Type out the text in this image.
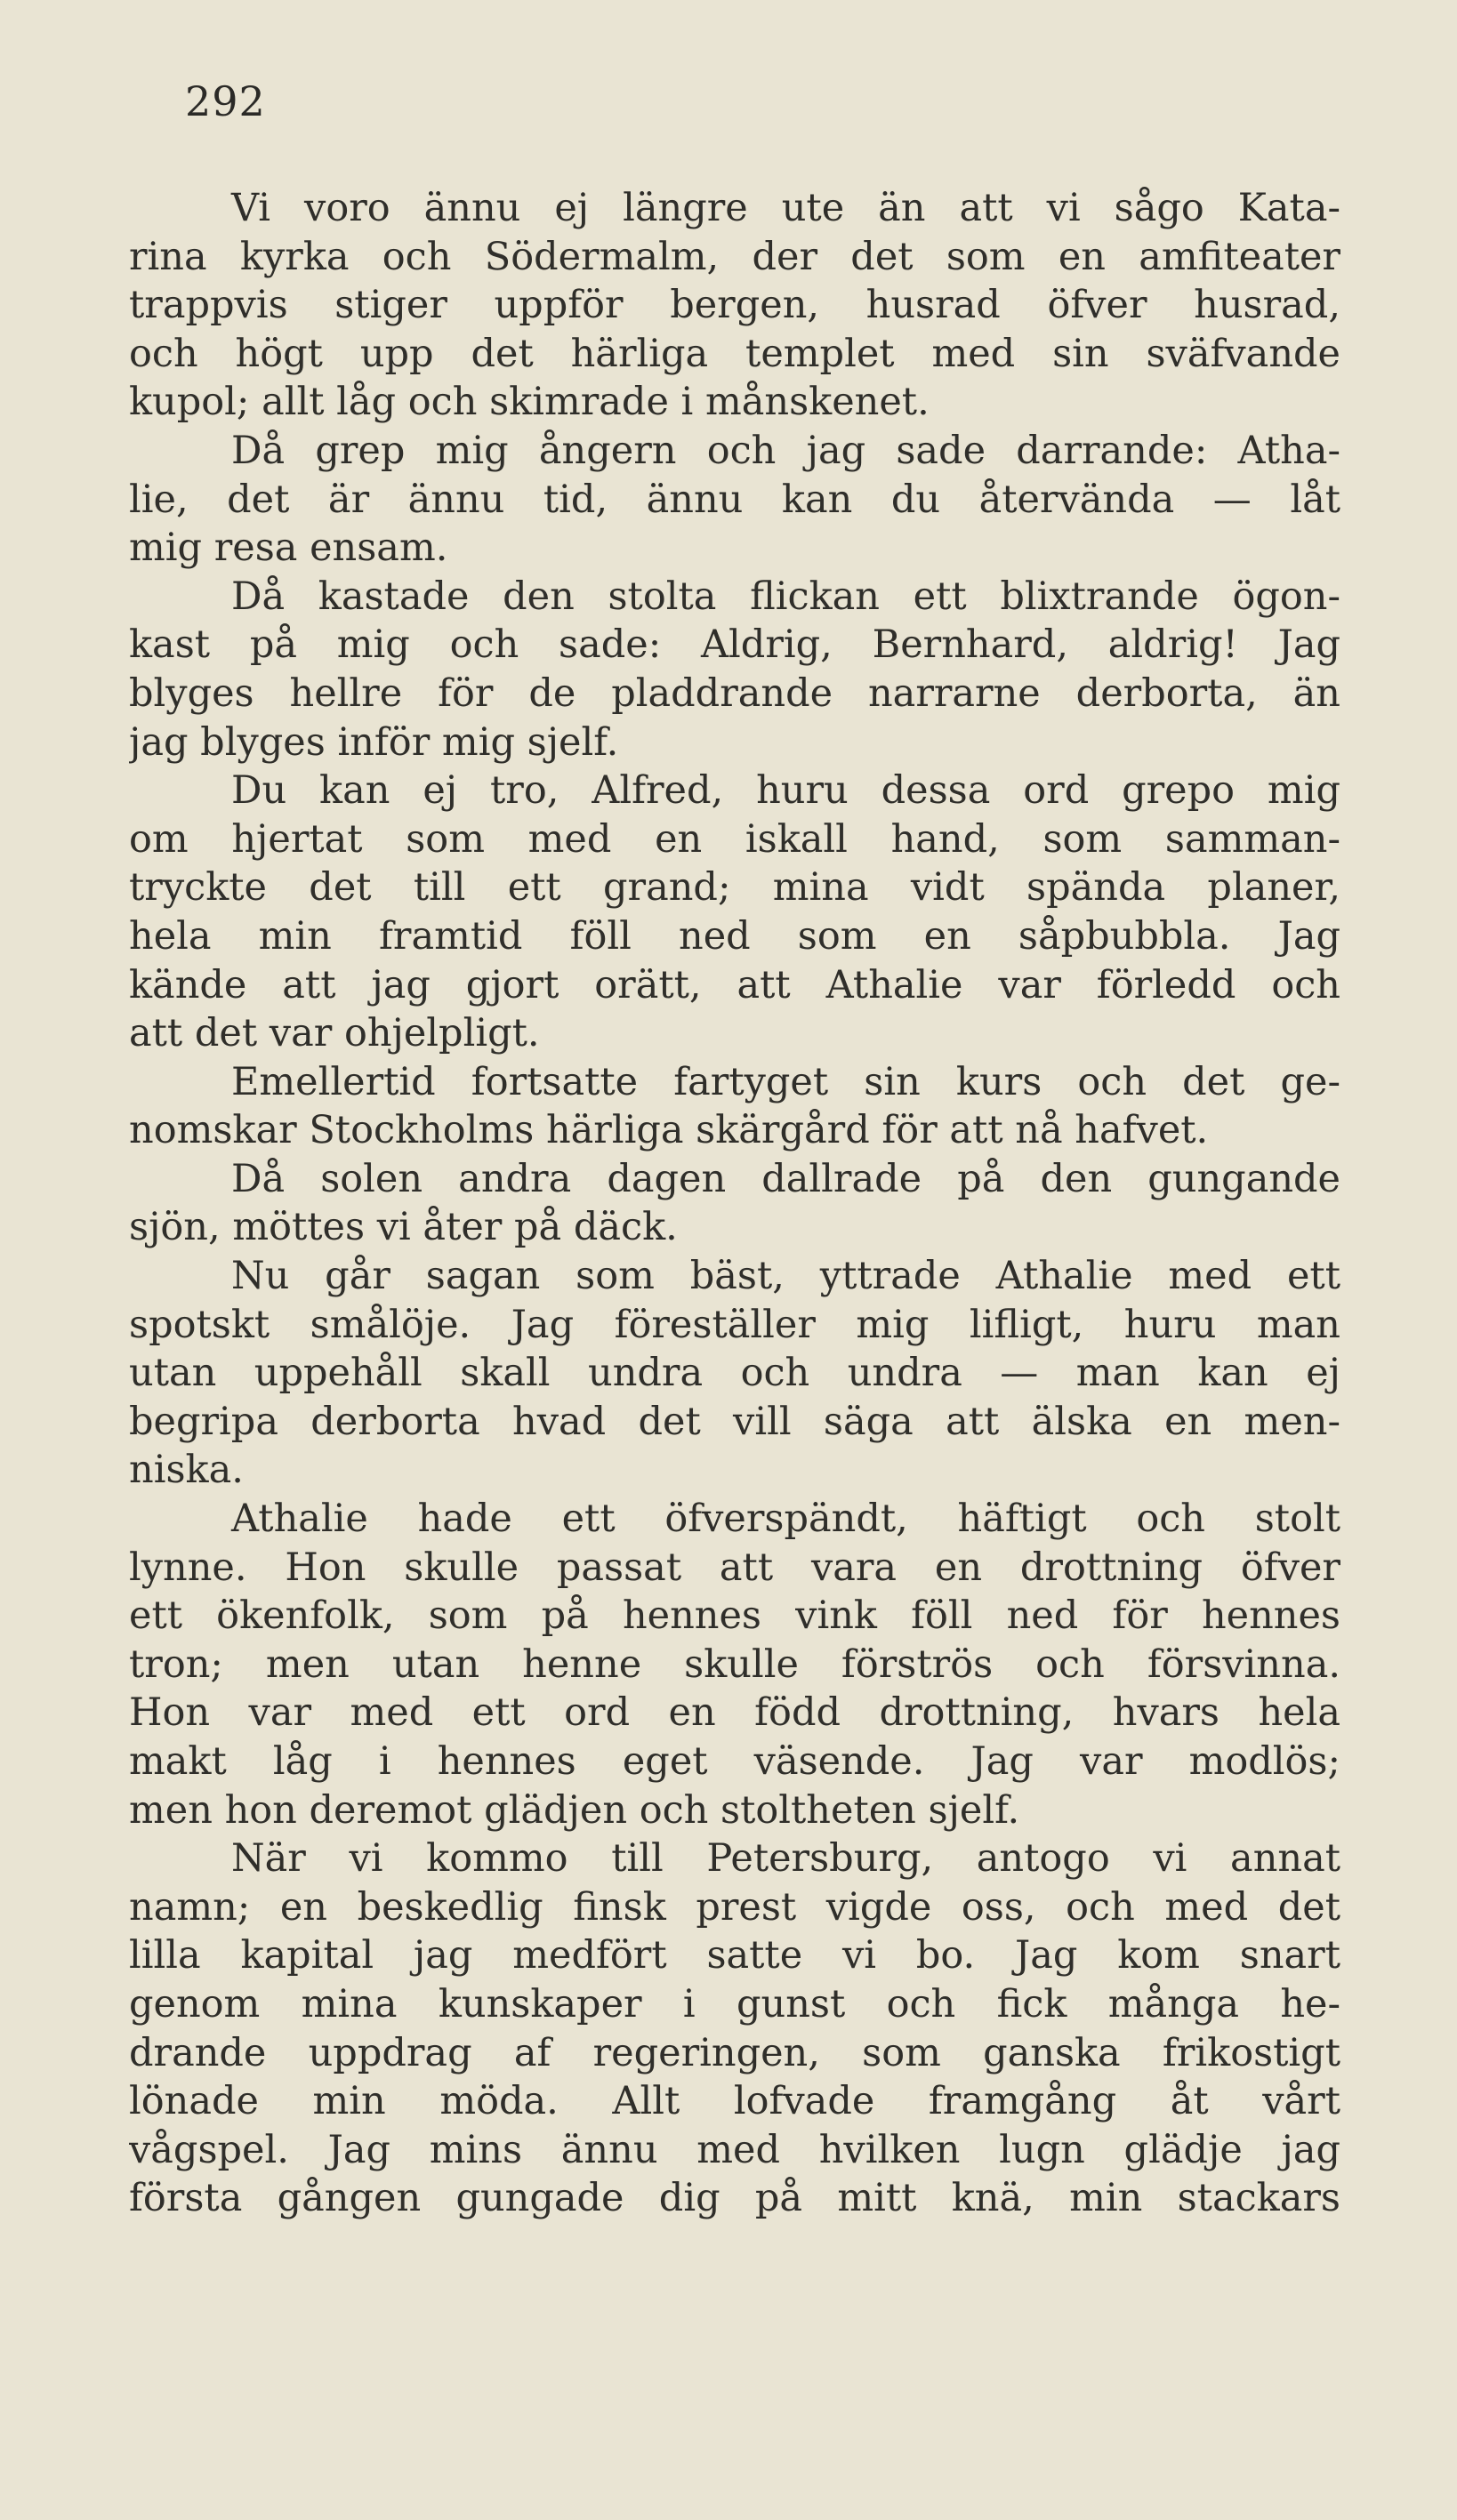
292
Vi voro ännu ej längre ute än att vi sågo Kata-
rina kyrka och Södermalm, der det som en amfiteater
trappvis stiger uppför bergen, husrad öfver husrad,
och högt upp det härliga templet med sin sväfvande
kupol; allt låg och skimrade i månskenet.
Då grep mig ångern och jag sade darrande: Atha-
lie, det är ännu tid, ännu kan du återvända — låt
mig resa ensam.
Då kastade den stolta flickan ett blixtrande ögon-
kast på mig och sade: Aldrig, Bernhard, aldrig! Jag
blyges hellre för de pladdrande narrarne derborta, än
jag blyges inför mig sjelf.
Du kan ej tro, Alfred, huru dessa ord grepo mig
om hjertat som med en iskall hand, som samman-
tryckte det till ett grand; mina vidt spända planer,
hela min framtid föll ned som en såpbubbla. Jag
kände att jag gjort orätt, att Athalie var förledd och
att det var ohjelpligt.
Emellertid fortsatte fartyget sin kurs och det ge-
nomskar Stockholms härliga skärgård för att nå hafvet.
Då solen andra dagen dallrade på den gungande
sjön, möttes vi åter på däck.
Nu går sagan som bäst, yttrade Athalie med ett
spotskt smålöje. Jag föreställer mig lifligt, huru man
utan uppehåll skall undra och undra — man kan ej
begripa derborta hvad det vill säga att älska en men-
niska.
Athalie hade ett öfverspändt, häftigt och stolt
lynne. Hon skulle passat att vara en drottning öfver
ett ökenfolk, som på hennes vink föll ned för hennes
tron; men utan henne skulle förströs och försvinna.
Hon var med ett ord en född drottning, hvars hela
makt låg i hennes eget väsende. Jag var modlös;
men hon deremot glädjen och stoltheten sjelf.
När vi kommo till Petersburg, antogo vi annat
namn; en beskedlig finsk prest vigde oss, och med det
lilla kapital jag medfört satte vi bo. Jag kom snart
genom mina kunskaper i gunst och fick många he-
drande uppdrag af regeringen, som ganska frikostigt
lönade min möda. Allt lofvade framgång åt vårt
vågspel. Jag mins ännu med hvilken lugn glädje jag
första gången gungade dig på mitt knä, min stackars
